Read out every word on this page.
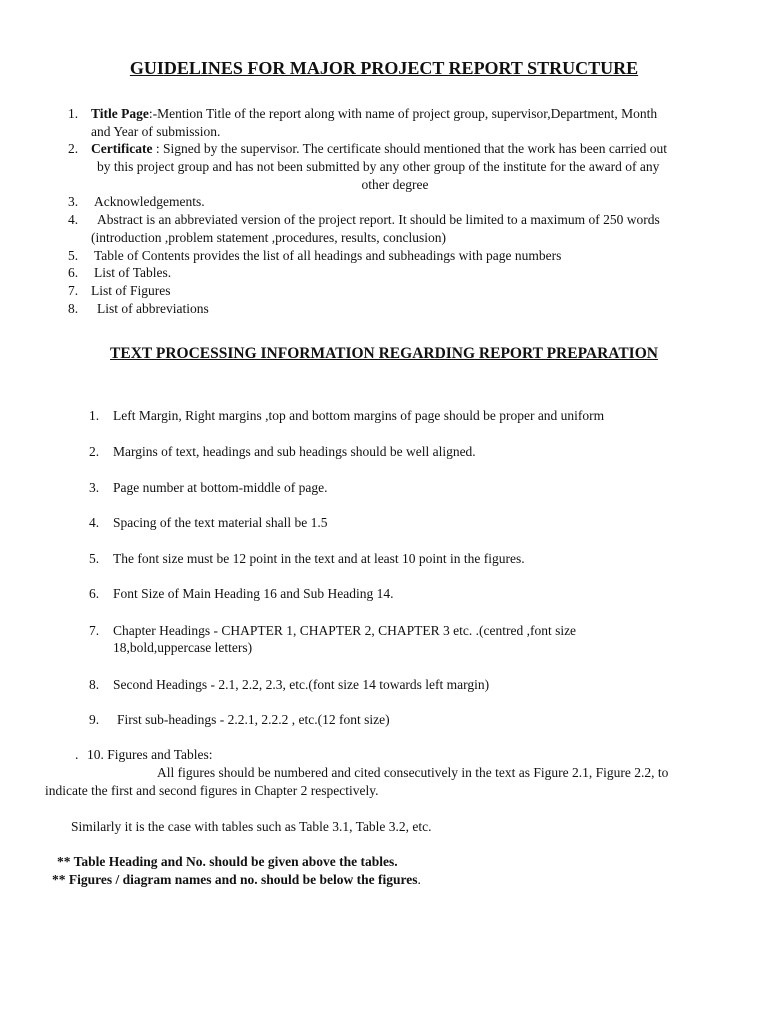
GUIDELINES FOR MAJOR PROJECT REPORT STRUCTURE
1. Title Page:-Mention Title of the report along with name of project group, supervisor,Department, Month
and Year of submission.
2. Certificate : Signed by the supervisor. The certificate should mentioned that the work has been carried out
by this project group and has not been submitted by any other group of the institute for the award of any
other degree
3. Acknowledgements.
4. Abstract is an abbreviated version of the project report. It should be limited to a maximum of 250 words
(introduction ,problem statement ,procedures, results, conclusion)
5. Table of Contents provides the list of all headings and subheadings with page numbers
6. List of Tables.
7. List of Figures
8. List of abbreviations
TEXT PROCESSING INFORMATION REGARDING REPORT PREPARATION
1. Left Margin, Right margins ,top and bottom margins of page should be proper and uniform
2. Margins of text, headings and sub headings should be well aligned.
3. Page number at bottom-middle of page.
4. Spacing of the text material shall be 1.5
5. The font size must be 12 point in the text and at least 10 point in the figures.
6. Font Size of Main Heading 16 and Sub Heading 14.
7. Chapter Headings - CHAPTER 1, CHAPTER 2, CHAPTER 3 etc. .(centred ,font size
18,bold,uppercase letters)
8. Second Headings - 2.1, 2.2, 2.3, etc.(font size 14 towards left margin)
9. First sub-headings - 2.2.1, 2.2.2 , etc.(12 font size)
. 10. Figures and Tables:
All figures should be numbered and cited consecutively in the text as Figure 2.1, Figure 2.2, to
indicate the first and second figures in Chapter 2 respectively.
Similarly it is the case with tables such as Table 3.1, Table 3.2, etc.
** Table Heading and No. should be given above the tables.
** Figures / diagram names and no. should be below the figures.
